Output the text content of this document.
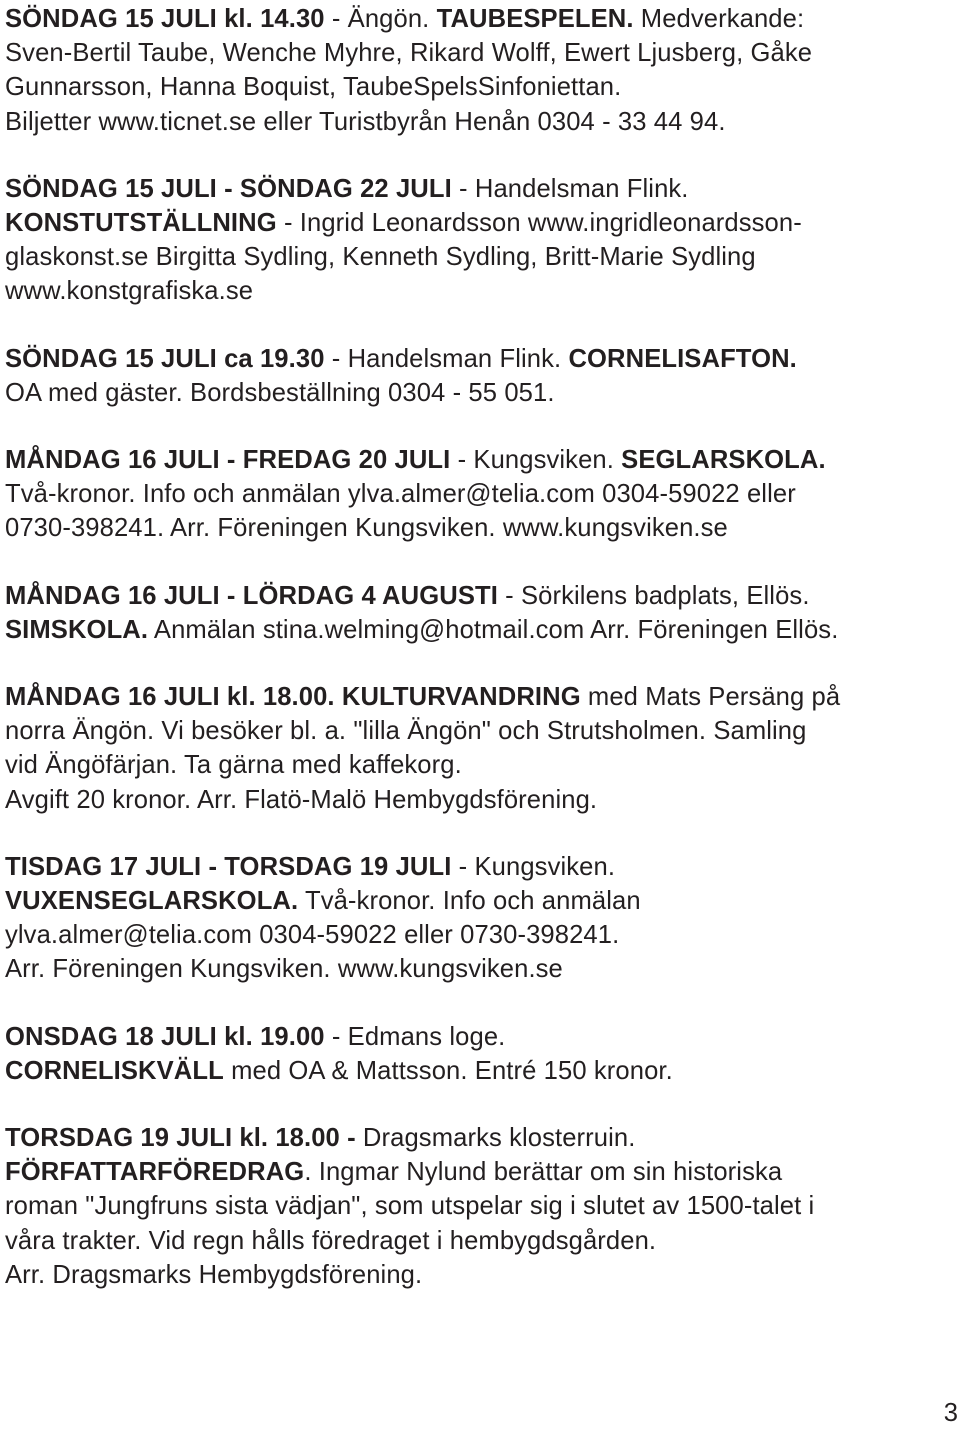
SÖNDAG 15 JULI kl. 14.30 - Ängön. TAUBESPELEN. Medverkande:
Sven-Bertil Taube, Wenche Myhre, Rikard Wolff, Ewert Ljusberg, Gåke
Gunnarsson, Hanna Boquist, TaubeSpelsSinfoniettan.
Biljetter www.ticnet.se eller Turistbyrån Henån 0304 - 33 44 94.
SÖNDAG 15 JULI - SÖNDAG 22 JULI - Handelsman Flink.
KONSTUTSTÄLLNING - Ingrid Leonardsson www.ingridleonardsson-
glaskonst.se Birgitta Sydling, Kenneth Sydling, Britt-Marie Sydling
www.konstgrafiska.se
SÖNDAG 15 JULI ca 19.30 - Handelsman Flink. CORNELISAFTON.
OA med gäster. Bordsbeställning 0304 - 55 051.
MÅNDAG 16 JULI - FREDAG 20 JULI - Kungsviken. SEGLARSKOLA.
Två-kronor. Info och anmälan ylva.almer@telia.com 0304-59022 eller
0730-398241. Arr. Föreningen Kungsviken. www.kungsviken.se
MÅNDAG 16 JULI - LÖRDAG 4 AUGUSTI - Sörkilens badplats, Ellös.
SIMSKOLA. Anmälan stina.welming@hotmail.com Arr. Föreningen Ellös.
MÅNDAG 16 JULI kl. 18.00. KULTURVANDRING med Mats Persäng på
norra Ängön. Vi besöker bl. a. "lilla Ängön" och Strutsholmen. Samling
vid Ängöfärjan. Ta gärna med kaffekorg.
Avgift 20 kronor. Arr. Flatö-Malö Hembygdsförening.
TISDAG 17 JULI - TORSDAG 19 JULI - Kungsviken.
VUXENSEGLARSKOLA. Två-kronor. Info och anmälan
ylva.almer@telia.com 0304-59022 eller 0730-398241.
Arr. Föreningen Kungsviken. www.kungsviken.se
ONSDAG 18 JULI kl. 19.00 - Edmans loge.
CORNELISKVÄLL med OA & Mattsson. Entré 150 kronor.
TORSDAG 19 JULI kl. 18.00 - Dragsmarks klosterruin.
FÖRFATTARFÖREDRAG. Ingmar Nylund berättar om sin historiska
roman "Jungfruns sista vädjan", som utspelar sig i slutet av 1500-talet i
våra trakter. Vid regn hålls föredraget i hembygdsgården.
Arr. Dragsmarks Hembygdsförening.
3
